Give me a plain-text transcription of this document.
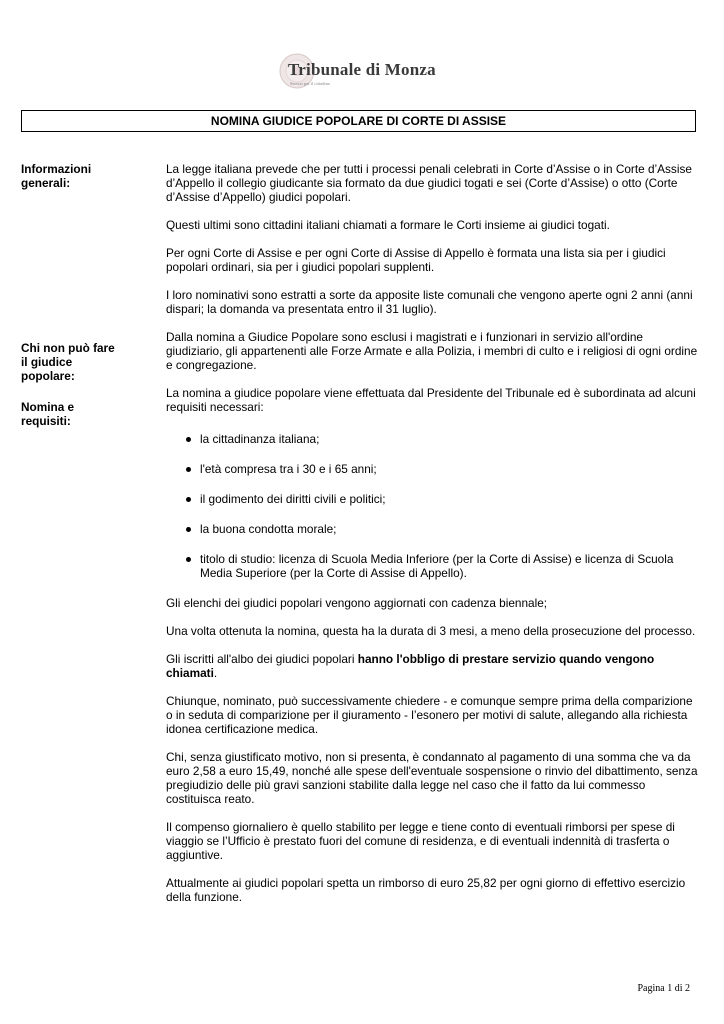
Tribunale di Monza
Servizi per il cittadino
NOMINA GIUDICE POPOLARE DI CORTE DI ASSISE
Informazioni
generali:
Chi non può fare
il giudice
popolare:
Nomina e
requisiti:

La legge italiana prevede che per tutti i processi penali celebrati in Corte d’Assise o in Corte d’Assise d’Appello il collegio giudicante sia formato da due giudici togati e sei (Corte d’Assise) o otto (Corte d’Assise d’Appello) giudici popolari.

Questi ultimi sono cittadini italiani chiamati a formare le Corti insieme ai giudici togati.

Per ogni Corte di Assise e per ogni Corte di Assise di Appello è formata una lista sia per i giudici popolari ordinari, sia per i giudici popolari supplenti.

I loro nominativi sono estratti a sorte da apposite liste comunali che vengono aperte ogni 2 anni (anni dispari; la domanda va presentata entro il 31 luglio).

Dalla nomina a Giudice Popolare sono esclusi i magistrati e i funzionari in servizio all'ordine giudiziario, gli appartenenti alle Forze Armate e alla Polizia, i membri di culto e i religiosi di ogni ordine e congregazione.

La nomina a giudice popolare viene effettuata dal Presidente del Tribunale ed è subordinata ad alcuni requisiti necessari:

la cittadinanza italiana;
l'età compresa tra i 30 e i 65 anni;
il godimento dei diritti civili e politici;
la buona condotta morale;
titolo di studio: licenza di Scuola Media Inferiore (per la Corte di Assise) e licenza di Scuola Media Superiore (per la Corte di Assise di Appello).

Gli elenchi dei giudici popolari vengono aggiornati con cadenza biennale;

Una volta ottenuta la nomina, questa ha la durata di 3 mesi, a meno della prosecuzione del processo.

Gli iscritti all'albo dei giudici popolari hanno l'obbligo di prestare servizio quando vengono chiamati.

Chiunque, nominato, può successivamente chiedere - e comunque sempre prima della comparizione o in seduta di comparizione per il giuramento - l’esonero per motivi di salute, allegando alla richiesta idonea certificazione medica.

Chi, senza giustificato motivo, non si presenta, è condannato al pagamento di una somma che va da euro 2,58 a euro 15,49, nonché alle spese dell'eventuale sospensione o rinvio del dibattimento, senza pregiudizio delle più gravi sanzioni stabilite dalla legge nel caso che il fatto da lui commesso costituisca reato.

Il compenso giornaliero è quello stabilito per legge e tiene conto di eventuali rimborsi per spese di viaggio se l’Ufficio è prestato fuori del comune di residenza, e di eventuali indennità di trasferta o aggiuntive.

Attualmente ai giudici popolari spetta un rimborso di euro 25,82 per ogni giorno di effettivo esercizio della funzione.

Pagina 1 di 2
